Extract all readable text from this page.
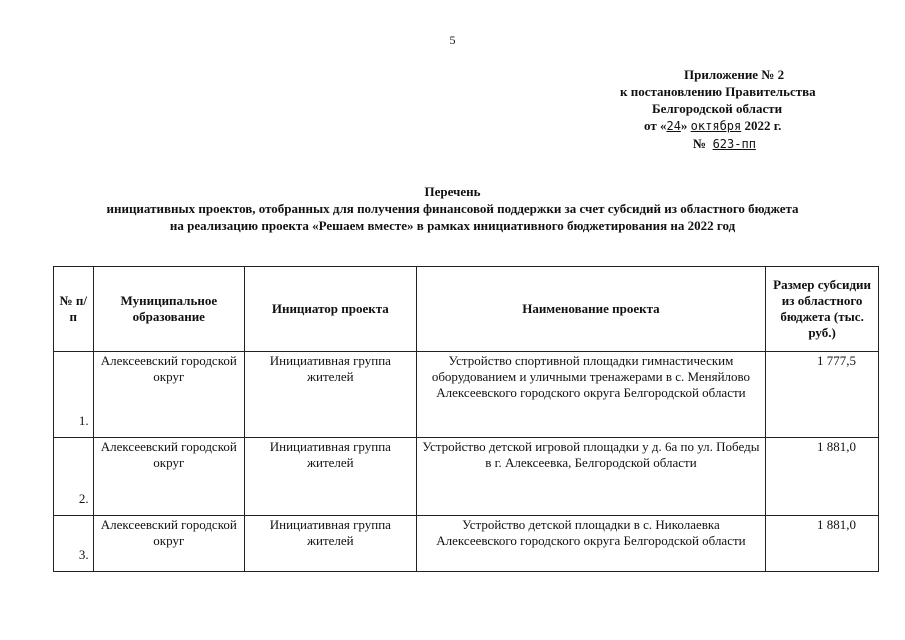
5
Приложение № 2
к постановлению Правительства
Белгородской области
от «24» октября 2022 г.
№ 623-пп
Перечень
инициативных проектов, отобранных для получения финансовой поддержки за счет субсидий из областного бюджета
на реализацию проекта «Решаем вместе» в рамках инициативного бюджетирования на 2022 год
№ п/п	Муниципальное образование	Инициатор проекта	Наименование проекта	Размер субсидии из областного бюджета (тыс. руб.)
1.	Алексеевский городской округ	Инициативная группа жителей	Устройство спортивной площадки гимнастическим оборудованием и уличными тренажерами в с. Меняйлово Алексеевского городского округа Белгородской области	1 777,5
2.	Алексеевский городской округ	Инициативная группа жителей	Устройство детской игровой площадки у д. 6а по ул. Победы в г. Алексеевка, Белгородской области	1 881,0
3.	Алексеевский городской округ	Инициативная группа жителей	Устройство детской площадки в с. Николаевка Алексеевского городского округа Белгородской области	1 881,0
